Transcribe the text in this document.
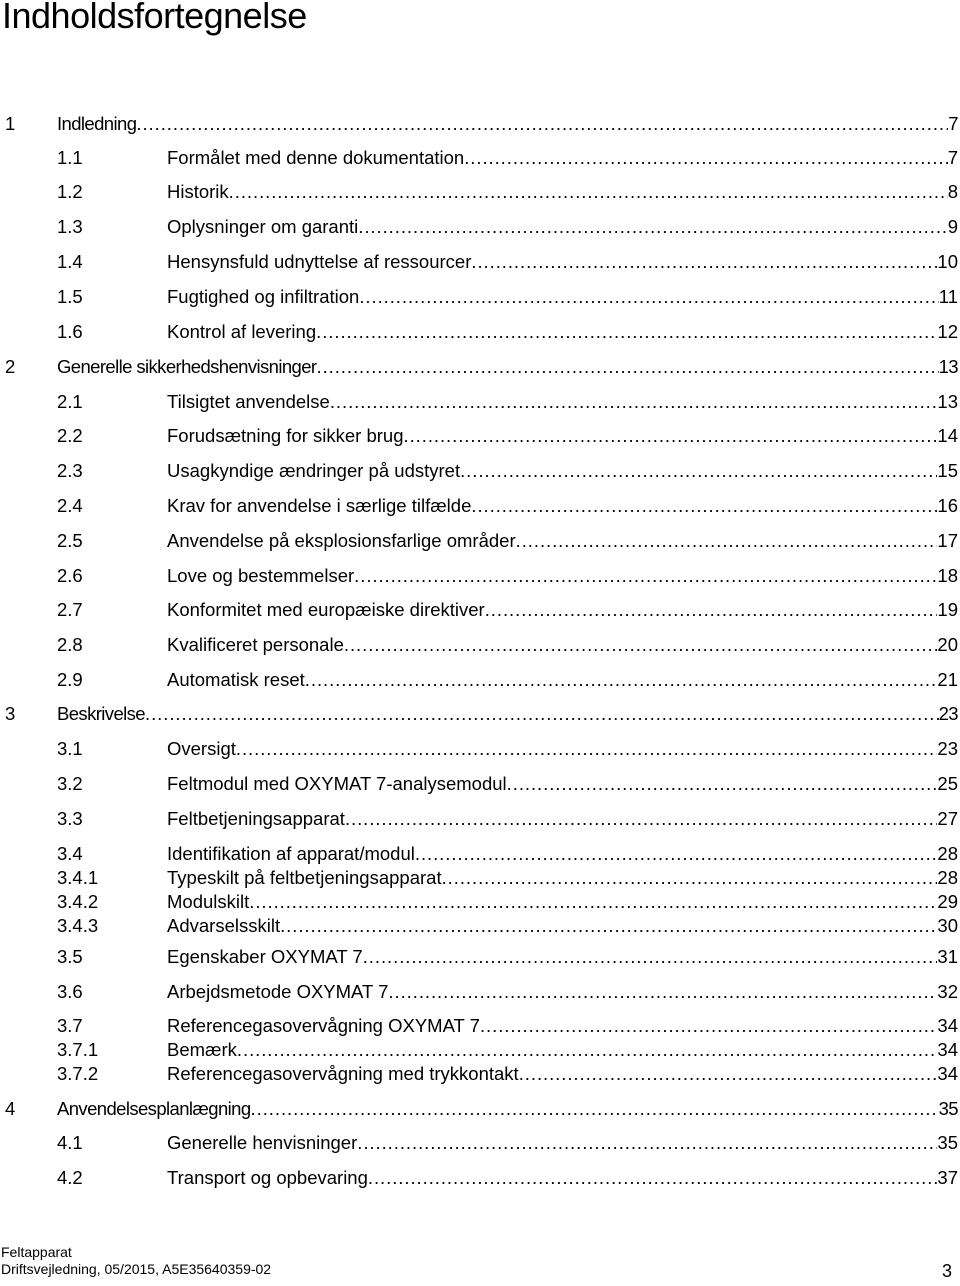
Indholdsfortegnelse
1 Indledning . . .	7
1.1	Formålet med denne dokumentation . . .	7
1.2	Historik . . .	8
1.3	Oplysninger om garanti . . .	9
1.4	Hensynsfuld udnyttelse af ressourcer . . .	10
1.5	Fugtighed og infiltration . . .	11
1.6	Kontrol af levering . . .	12
2 Generelle sikkerhedshenvisninger . . .	13
2.1	Tilsigtet anvendelse . . .	13
2.2	Forudsætning for sikker brug . . .	14
2.3	Usagkyndige ændringer på udstyret . . .	15
2.4	Krav for anvendelse i særlige tilfælde . . .	16
2.5	Anvendelse på eksplosionsfarlige områder . . .	17
2.6	Love og bestemmelser . . .	18
2.7	Konformitet med europæiske direktiver . . .	19
2.8	Kvalificeret personale . . .	20
2.9	Automatisk reset . . .	21
3 Beskrivelse . . .	23
3.1	Oversigt . . .	23
3.2	Feltmodul med OXYMAT 7-analysemodul . . .	25
3.3	Feltbetjeningsapparat . . .	27
3.4	Identifikation af apparat/modul . . .	28
3.4.1	Typeskilt på feltbetjeningsapparat . . .	28
3.4.2	Modulskilt . . .	29
3.4.3	Advarselsskilt . . .	30
3.5	Egenskaber OXYMAT 7 . . .	31
3.6	Arbejdsmetode OXYMAT 7 . . .	32
3.7	Referencegasovervågning OXYMAT 7 . . .	34
3.7.1	Bemærk . . .	34
3.7.2	Referencegasovervågning med trykkontakt . . .	34
4 Anvendelsesplanlægning . . .	35
4.1	Generelle henvisninger . . .	35
4.2	Transport og opbevaring . . .	37
Feltapparat
Driftsvejledning, 05/2015, A5E35640359-02	3
